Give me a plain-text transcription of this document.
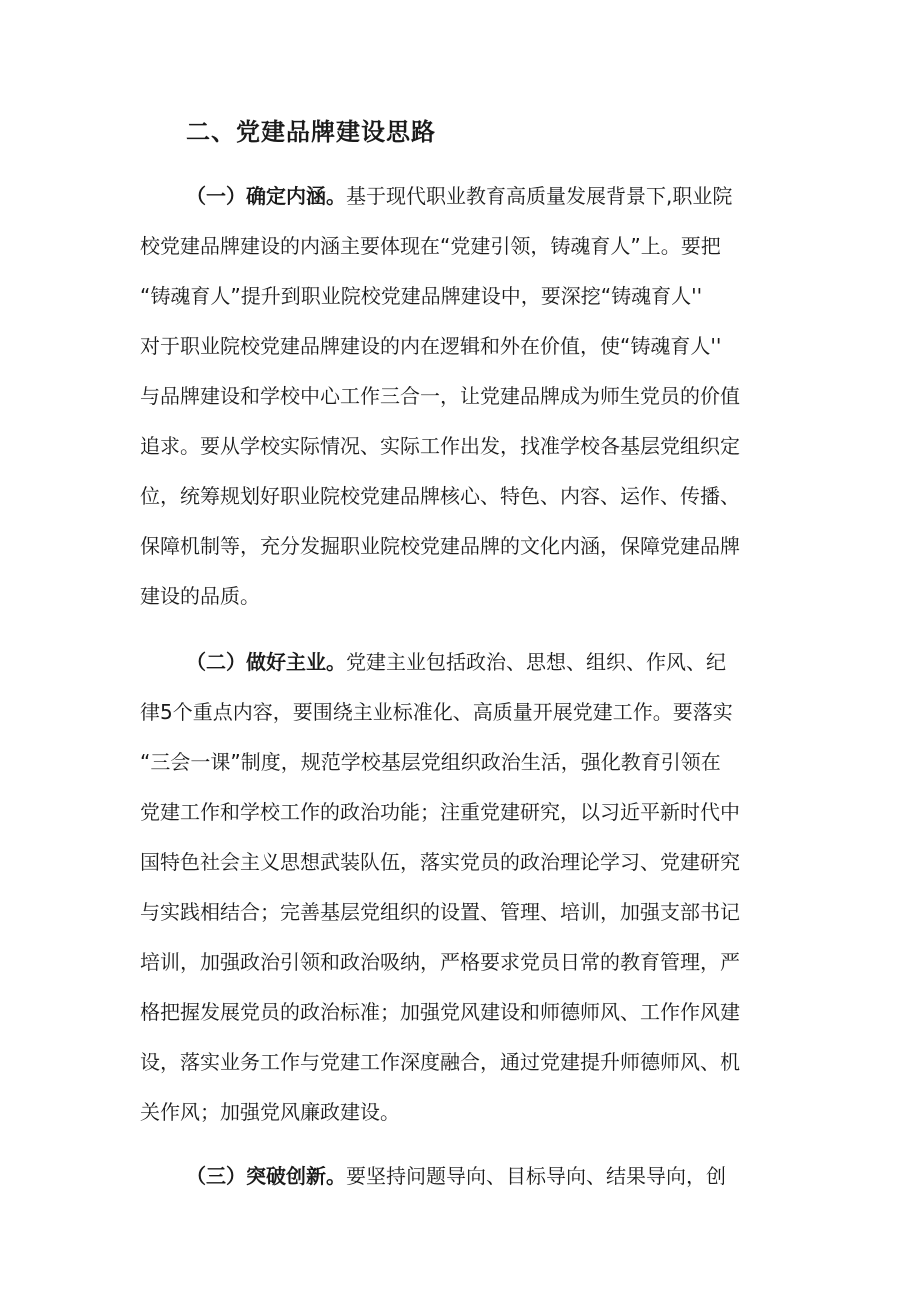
二、党建品牌建设思路
（一）确定内涵。基于现代职业教育高质量发展背景下,职业院
校党建品牌建设的内涵主要体现在“党建引领，铸魂育人”上。要把
“铸魂育人”提升到职业院校党建品牌建设中，要深挖“铸魂育人''
对于职业院校党建品牌建设的内在逻辑和外在价值，使“铸魂育人''
与品牌建设和学校中心工作三合一，让党建品牌成为师生党员的价值
追求。要从学校实际情况、实际工作出发，找准学校各基层党组织定
位，统筹规划好职业院校党建品牌核心、特色、内容、运作、传播、
保障机制等，充分发掘职业院校党建品牌的文化内涵，保障党建品牌
建设的品质。
（二）做好主业。党建主业包括政治、思想、组织、作风、纪
律5个重点内容，要围绕主业标准化、高质量开展党建工作。要落实
“三会一课”制度，规范学校基层党组织政治生活，强化教育引领在
党建工作和学校工作的政治功能；注重党建研究，以习近平新时代中
国特色社会主义思想武装队伍，落实党员的政治理论学习、党建研究
与实践相结合；完善基层党组织的设置、管理、培训，加强支部书记
培训，加强政治引领和政治吸纳，严格要求党员日常的教育管理，严
格把握发展党员的政治标准；加强党风建设和师德师风、工作作风建
设，落实业务工作与党建工作深度融合，通过党建提升师德师风、机
关作风；加强党风廉政建设。
（三）突破创新。要坚持问题导向、目标导向、结果导向，创
